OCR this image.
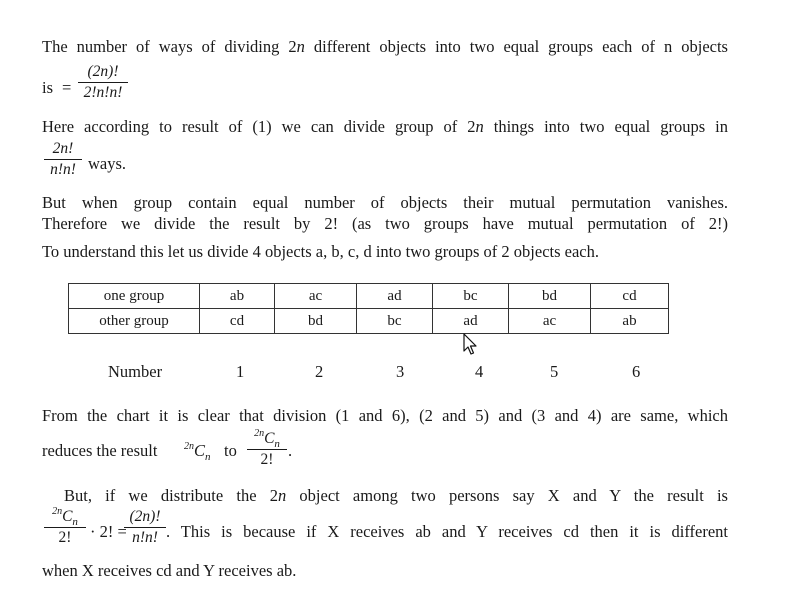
The number of ways of dividing 2n different objects into two equal groups each of n objects
is =
(2n)!
2!n!n!
Here according to result of (1) we can divide group of 2n things into two equal groups in
2n!
n!n! ways.
But when group contain equal number of objects their mutual permutation vanishes.
Therefore we divide the result by 2! (as two groups have mutual permutation of 2!)
To understand this let us divide 4 objects a, b, c, d into two groups of 2 objects each.
one group	ab	ac	ad	bc	bd	cd
other group	cd	bd	bc	ad	ac	ab
Number	1	2	3	4	5	6
From the chart it is clear that division (1 and 6), (2 and 5) and (3 and 4) are same, which
reduces the result	$^{2n}C_n$ to
$^{2n}C_n$
2! .
But, if we distribute the 2n object among two persons say X and Y the result is
$^{2n}C_n$
2!	· 2! =
(2n)!
n!n! . This is because if X receives ab and Y receives cd then it is different
when X receives cd and Y receives ab.
